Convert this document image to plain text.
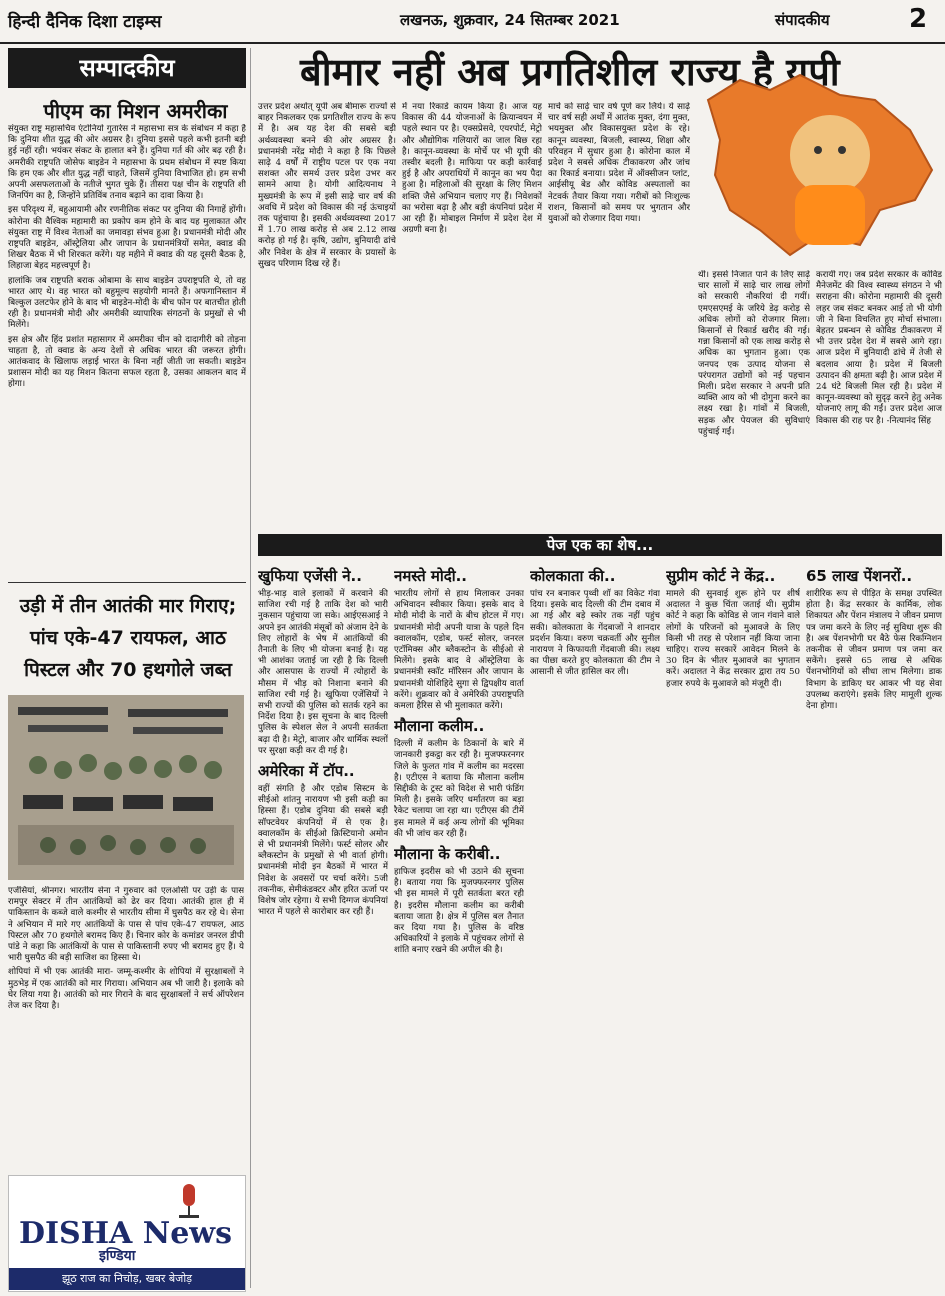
हिन्दी दैनिक दिशा टाइम्स	लखनऊ, शुक्रवार, 24 सितम्बर 2021	संपादकीय	2
सम्पादकीय	बीमार नहीं अब प्रगतिशील राज्य है यूपी
पीएम का मिशन अमरीका

संयुक्त राष्ट्र महासचिव एंटोनियो गुतारेस ने महासभा सत्र के संबोधन में कहा है कि दुनिया शीत युद्ध की ओर अग्रसर है। दुनिया इससे पहले कभी इतनी बड़ी हुई नहीं रही। भयंकर संकट के हालात बने हैं। दुनिया गर्त की ओर बढ़ रही है। अमरीकी राष्ट्रपति जोसेफ बाइडेन ने महासभा के प्रथम संबोधन में स्पष्ट किया कि हम एक और शीत युद्ध नहीं चाहते, जिसमें दुनिया विभाजित हो। हम सभी अपनी असफलताओं के नतीजे भुगत चुके हैं। तीसरा पक्ष चीन के राष्ट्रपति शी जिनपिंग का है, जिन्होंने प्रतिविंब तनाव बढ़ाने का दावा किया है।

इस परिदृश्य में, बहुआयामी और रणनीतिक संकट पर दुनिया की निगाहें होंगी। कोरोना की वैश्विक महामारी का प्रकोप कम होने के बाद यह मुलाकात और संयुक्त राष्ट्र में विश्व नेताओं का जमावड़ा संभव हुआ है। प्रधानमंत्री मोदी और राष्ट्रपति बाइडेन, ऑस्ट्रेलिया और जापान के प्रधानमंत्रियों समेत, क्वाड की शिखर बैठक में भी शिरकत करेंगे। यह महीने में क्वाड की यह दूसरी बैठक है, लिहाजा बेहद महत्त्वपूर्ण है।

हालांकि जब राष्ट्रपति बराक ओबामा के साथ बाइडेन उपराष्ट्रपति थे, तो वह भारत आए थे। वह भारत को बहुमूल्य सहयोगी मानते हैं। अफगानिस्तान में बिल्कुल उलटफेर होने के बाद भी बाइडेन-मोदी के बीच फोन पर बातचीत होती रही है। प्रधानमंत्री मोदी और अमरीकी व्यापारिक संगठनों के प्रमुखों से भी मिलेंगे।

इस क्षेत्र और हिंद प्रशांत महासागर में अमरीका चीन को दादागीरी को तोड़ना चाहता है, तो क्वाड के अन्य देशों से अधिक भारत की जरूरत होगी। आतंकवाद के खिलाफ लड़ाई भारत के बिना नहीं जीती जा सकती। बाइडेन प्रशासन मोदी का यह मिशन कितना सफल रहता है, उसका आकलन बाद में होगा।

उड़ी में तीन आतंकी मार गिराए; पांच एके-47 रायफल, आठ पिस्टल और 70 हथगोले जब्त

एजेंसियां, श्रीनगर। भारतीय सेना ने गुरुवार को एलओसी पर उड़ी के पास रामपुर सेक्टर में तीन आतंकियों को ढेर कर दिया। आतंकी हाल ही में पाकिस्तान के कब्जे वाले कश्मीर से भारतीय सीमा में घुसपैठ कर रहे थे। सेना ने अभियान में मारे गए आतंकियों के पास से पांच एके-47 रायफल, आठ पिस्टल और 70 हथगोले बरामद किए हैं। चिनार कोर के कमांडर जनरल डीपी पांडे ने कहा कि आतंकियों के पास से पाकिस्तानी रुपए भी बरामद हुए हैं। ये भारी घुसपैठ की बड़ी साजिश का हिस्सा थे।

शोपियां में भी एक आतंकी मारा- जम्मू-कश्मीर के शोपियां में सुरक्षाबलों ने मुठभेड़ में एक आतंकी को मार गिराया। अभियान अब भी जारी है। इलाके को घेर लिया गया है। आतंकी को मार गिराने के बाद सुरक्षाबलों ने सर्च ऑपरेशन तेज कर दिया है।

DISHA News
इण्डिया
झूठ राज का निचोड़, खबर बेजोड़

उत्तर प्रदेश अर्थात् यूपी अब बीमारू राज्यों से बाहर निकलकर एक प्रगतिशील राज्य के रूप में है। अब यह देश की सबसे बड़ी अर्थव्यवस्था बनने की ओर अग्रसर है। प्रधानमंत्री नरेंद्र मोदी ने कहा है कि पिछले साढ़े 4 वर्षों में राष्ट्रीय पटल पर एक नया सशक्त और समर्थ उत्तर प्रदेश उभर कर सामने आया है। योगी आदित्यनाथ ने मुख्यमंत्री के रूप में इसी साढ़े चार वर्ष की अवधि में प्रदेश को विकास की नई ऊंचाइयों तक पहुंचाया है। इसकी अर्थव्यवस्था 2017 में 1.70 लाख करोड़ से अब 2.12 लाख करोड़ हो गई है। कृषि, उद्योग, बुनियादी ढांचे और निवेश के क्षेत्र में सरकार के प्रयासों के सुखद परिणाम दिख रहे हैं।

में नया रिकार्ड कायम किया है। आज यह विकास की 44 योजनाओं के क्रियान्वयन में पहले स्थान पर है। एक्सप्रेसवे, एयरपोर्ट, मेट्रो और औद्योगिक गलियारों का जाल बिछ रहा है। कानून-व्यवस्था के मोर्चे पर भी यूपी की तस्वीर बदली है। माफिया पर कड़ी कार्रवाई हुई है और अपराधियों में कानून का भय पैदा हुआ है। महिलाओं की सुरक्षा के लिए मिशन शक्ति जैसे अभियान चलाए गए हैं। निवेशकों का भरोसा बढ़ा है और बड़ी कंपनियां प्रदेश में आ रही हैं। मोबाइल निर्माण में प्रदेश देश में अग्रणी बना है।

मार्च को साढ़े चार वर्ष पूर्ण कर लिये। ये साढ़े चार वर्ष सही अर्थों में आतंक मुक्त, दंगा मुक्त, भयमुक्त और विकासयुक्त प्रदेश के रहे। कानून व्यवस्था, बिजली, स्वास्थ्य, शिक्षा और परिवहन में सुधार हुआ है। कोरोना काल में प्रदेश ने सबसे अधिक टीकाकरण और जांच का रिकार्ड बनाया। प्रदेश में ऑक्सीजन प्लांट, आईसीयू बेड और कोविड अस्पतालों का नेटवर्क तैयार किया गया। गरीबों को निःशुल्क राशन, किसानों को समय पर भुगतान और युवाओं को रोजगार दिया गया।

थी। इससे निजात पाने के लिए साढ़े चार सालों में साढ़े चार लाख लोगों को सरकारी नौकरियां दी गयीं। एमएसएमई के जरिये डेढ़ करोड़ से अधिक लोगों को रोजगार मिला। किसानों से रिकार्ड खरीद की गई। गन्ना किसानों को एक लाख करोड़ से अधिक का भुगतान हुआ। एक जनपद एक उत्पाद योजना से परंपरागत उद्योगों को नई पहचान मिली। प्रदेश सरकार ने अपनी प्रति व्यक्ति आय को भी दोगुना करने का लक्ष्य रखा है। गांवों में बिजली, सड़क और पेयजल की सुविधाएं पहुंचाई गईं।

करायी गए। जब प्रदेश सरकार के कोविड मैनेजमेंट की विश्व स्वास्थ्य संगठन ने भी सराहना की। कोरोना महामारी की दूसरी लहर जब संकट बनकर आई तो भी योगी जी ने बिना विचलित हुए मोर्चा संभाला। बेहतर प्रबन्धन से कोविड टीकाकरण में भी उत्तर प्रदेश देश में सबसे आगे रहा। आज प्रदेश में बुनियादी ढांचे में तेजी से बदलाव आया है। प्रदेश में बिजली उत्पादन की क्षमता बढ़ी है। आज प्रदेश में 24 घंटे बिजली मिल रही है। प्रदेश में कानून-व्यवस्था को सुदृढ़ करने हेतु अनेक योजनाएं लागू की गईं। उत्तर प्रदेश आज विकास की राह पर है। -नित्यानंद सिंह

पेज एक का शेष...
खुफिया एजेंसी ने..

भीड़-भाड़ वाले इलाकों में करवाने की साजिश रची गई है ताकि देश को भारी नुकसान पहुंचाया जा सके। आईएसआई ने अपने इन आतंकी मंसूबों को अंजाम देने के लिए लोहारों के भेष में आतंकियों की तैनाती के लिए भी योजना बनाई है। यह भी आशंका जताई जा रही है कि दिल्ली और आसपास के राज्यों में त्योहारों के मौसम में भीड़ को निशाना बनाने की साजिश रची गई है। खुफिया एजेंसियों ने सभी राज्यों की पुलिस को सतर्क रहने का निर्देश दिया है। इस सूचना के बाद दिल्ली पुलिस के स्पेशल सेल ने अपनी सतर्कता बढ़ा दी है। मेट्रो, बाजार और धार्मिक स्थलों पर सुरक्षा कड़ी कर दी गई है।

अमेरिका में टॉप..

वहीं संगति है और एडोब सिस्टम के सीईओ शांतनु नारायण भी इसी कड़ी का हिस्सा हैं। एडोब दुनिया की सबसे बड़ी सॉफ्टवेयर कंपनियों में से एक है। क्वालकॉम के सीईओ क्रिस्टियानो अमोन से भी प्रधानमंत्री मिलेंगे। फर्स्ट सोलर और ब्लैकस्टोन के प्रमुखों से भी वार्ता होगी। प्रधानमंत्री मोदी इन बैठकों में भारत में निवेश के अवसरों पर चर्चा करेंगे। 5जी तकनीक, सेमीकंडक्टर और हरित ऊर्जा पर विशेष जोर रहेगा। ये सभी दिग्गज कंपनियां भारत में पहले से कारोबार कर रही हैं।

नमस्ते मोदी..

भारतीय लोगों से हाथ मिलाकर उनका अभिवादन स्वीकार किया। इसके बाद वे मोदी मोदी के नारों के बीच होटल में गए। प्रधानमंत्री मोदी अपनी यात्रा के पहले दिन क्वालकॉम, एडोब, फर्स्ट सोलर, जनरल एटॉमिक्स और ब्लैकस्टोन के सीईओ से मिलेंगे। इसके बाद वे ऑस्ट्रेलिया के प्रधानमंत्री स्कॉट मॉरिसन और जापान के प्रधानमंत्री योशिहिदे सुगा से द्विपक्षीय वार्ता करेंगे। शुक्रवार को वे अमेरिकी उपराष्ट्रपति कमला हैरिस से भी मुलाकात करेंगे।

मौलाना कलीम..

दिल्ली में कलीम के ठिकानों के बारे में जानकारी इकट्ठा कर रही है। मुजफ्फरनगर जिले के फुलत गांव में कलीम का मदरसा है। एटीएस ने बताया कि मौलाना कलीम सिद्दीकी के ट्रस्ट को विदेश से भारी फंडिंग मिली है। इसके जरिए धर्मांतरण का बड़ा रैकेट चलाया जा रहा था। एटीएस की टीमें इस मामले में कई अन्य लोगों की भूमिका की भी जांच कर रही हैं।

मौलाना के करीबी..

हाफिज इदरीस को भी उठाने की सूचना है। बताया गया कि मुजफ्फरनगर पुलिस भी इस मामले में पूरी सतर्कता बरत रही है। इदरीस मौलाना कलीम का करीबी बताया जाता है। क्षेत्र में पुलिस बल तैनात कर दिया गया है। पुलिस के वरिष्ठ अधिकारियों ने इलाके में पहुंचकर लोगों से शांति बनाए रखने की अपील की है।

कोलकाता की..

पांच रन बनाकर पृथ्वी शॉ का विकेट गंवा दिया। इसके बाद दिल्ली की टीम दबाव में आ गई और बड़े स्कोर तक नहीं पहुंच सकी। कोलकाता के गेंदबाजों ने शानदार प्रदर्शन किया। वरुण चक्रवर्ती और सुनील नारायण ने किफायती गेंदबाजी की। लक्ष्य का पीछा करते हुए कोलकाता की टीम ने आसानी से जीत हासिल कर ली।

सुप्रीम कोर्ट ने केंद्र..

मामले की सुनवाई शुरू होने पर शीर्ष अदालत ने कुछ चिंता जताई थी। सुप्रीम कोर्ट ने कहा कि कोविड से जान गंवाने वाले लोगों के परिजनों को मुआवजे के लिए किसी भी तरह से परेशान नहीं किया जाना चाहिए। राज्य सरकारें आवेदन मिलने के 30 दिन के भीतर मुआवजे का भुगतान करें। अदालत ने केंद्र सरकार द्वारा तय 50 हजार रुपये के मुआवजे को मंजूरी दी।

65 लाख पेंशनरों..

शारीरिक रूप से पीड़ित के समक्ष उपस्थित होता है। केंद्र सरकार के कार्मिक, लोक शिकायत और पेंशन मंत्रालय ने जीवन प्रमाण पत्र जमा करने के लिए नई सुविधा शुरू की है। अब पेंशनभोगी घर बैठे फेस रिकग्निशन तकनीक से जीवन प्रमाण पत्र जमा कर सकेंगे। इससे 65 लाख से अधिक पेंशनभोगियों को सीधा लाभ मिलेगा। डाक विभाग के डाकिए घर आकर भी यह सेवा उपलब्ध कराएंगे। इसके लिए मामूली शुल्क देना होगा।
